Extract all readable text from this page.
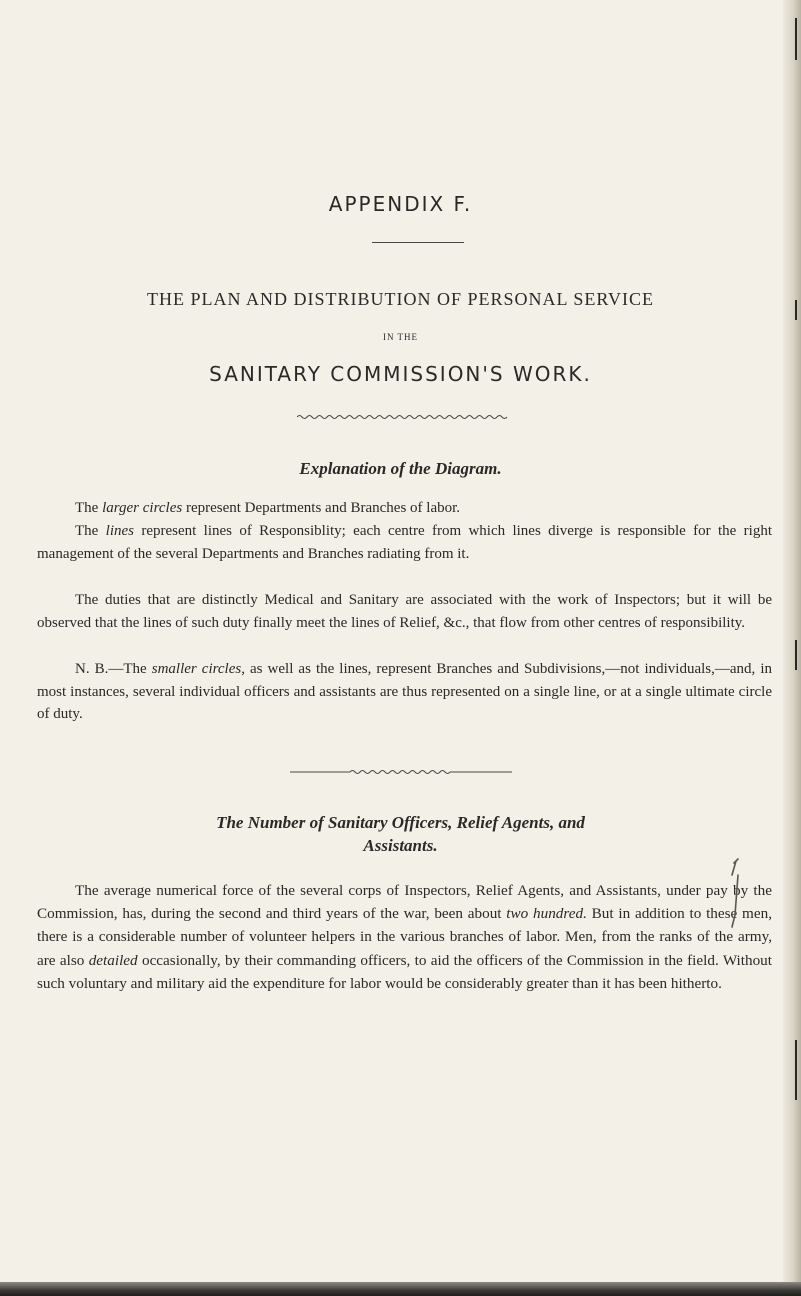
APPENDIX F.
THE PLAN AND DISTRIBUTION OF PERSONAL SERVICE
IN THE
SANITARY COMMISSION'S WORK.
Explanation of the Diagram.
The larger circles represent Departments and Branches of labor.
The lines represent lines of Responsiblity; each centre from which lines diverge is responsible for the right management of the several Departments and Branches radiating from it.
The duties that are distinctly Medical and Sanitary are associated with the work of Inspectors; but it will be observed that the lines of such duty finally meet the lines of Relief, &c., that flow from other centres of responsibility.
N. B.—The smaller circles, as well as the lines, represent Branches and Subdivisions,—not individuals,—and, in most instances, several individual officers and assistants are thus represented on a single line, or at a single ultimate circle of duty.
The Number of Sanitary Officers, Relief Agents, and
Assistants.
The average numerical force of the several corps of Inspectors, Relief Agents, and Assistants, under pay by the Commission, has, during the second and third years of the war, been about two hundred. But in addition to these men, there is a considerable number of volunteer helpers in the various branches of labor. Men, from the ranks of the army, are also detailed occasionally, by their commanding officers, to aid the officers of the Commission in the field. Without such voluntary and military aid the expenditure for labor would be considerably greater than it has been hitherto.
